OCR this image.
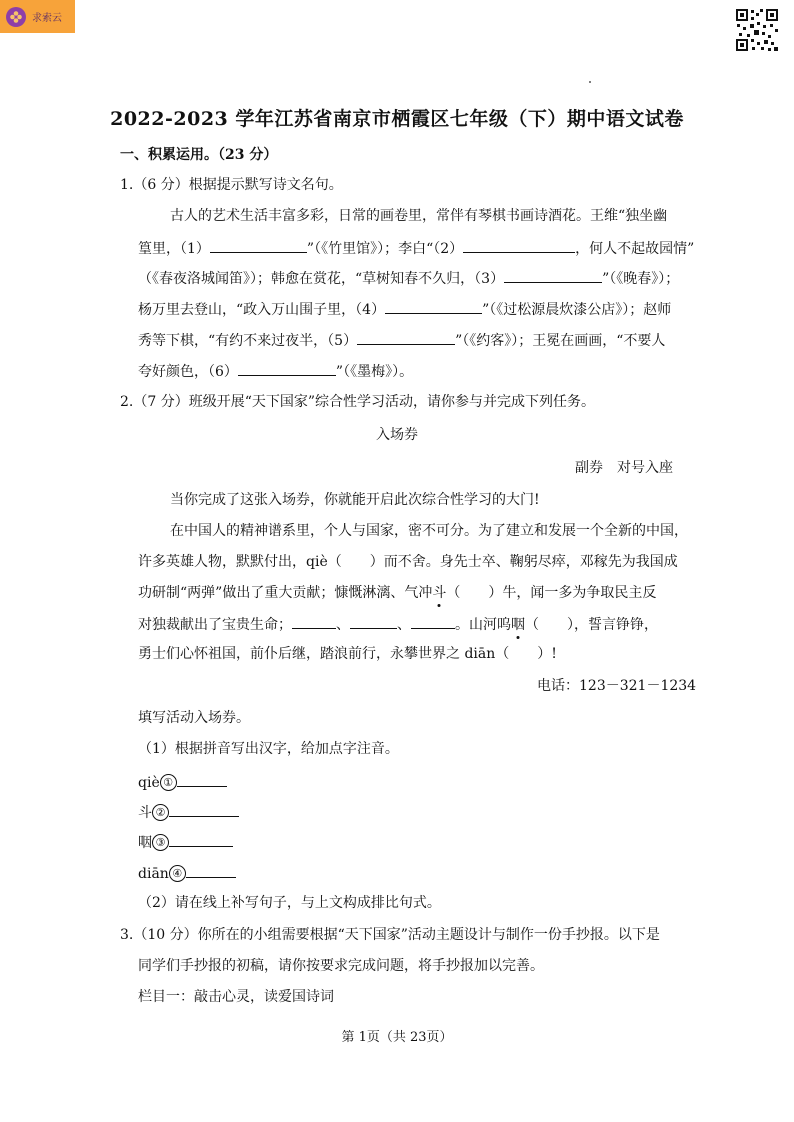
求索云
2022-2023 学年江苏省南京市栖霞区七年级（下）期中语文试卷
一、积累运用。（23 分）
1.（6 分）根据提示默写诗文名句。
古人的艺术生活丰富多彩，日常的画卷里，常伴有琴棋书画诗酒花。王维“独坐幽
篁里，（1）	”（《竹里馆》）；李白“（2）	，何人不起故园情”
（《春夜洛城闻笛》）；韩愈在赏花，“草树知春不久归，（3）	”（《晚春》）；
杨万里去登山，“政入万山围子里，（4）	”（《过松源晨炊漆公店》）；赵师
秀等下棋，“有约不来过夜半，（5）	”（《约客》）；王冕在画画，“不要人
夸好颜色，（6）	”（《墨梅》）。
2.（7 分）班级开展“天下国家”综合性学习活动，请你参与并完成下列任务。
入场券
副券　对号入座
当你完成了这张入场券，你就能开启此次综合性学习的大门!
在中国人的精神谱系里，个人与国家，密不可分。为了建立和发展一个全新的中国，
许多英雄人物，默默付出，qiè（　　）而不舍。身先士卒、鞠躬尽瘁，邓稼先为我国成
功研制“两弹”做出了重大贡献；慷慨淋漓、气冲斗（　　）牛，闻一多为争取民主反
对独裁献出了宝贵生命；	、	、	。山河呜咽（　　），誓言铮铮，
勇士们心怀祖国，前仆后继，踏浪前行，永攀世界之 diān（　　）!
电话：123－321－1234
填写活动入场券。
（1）根据拼音写出汉字，给加点字注音。
qiè ①
斗 ②
咽 ③
diān ④
（2）请在线上补写句子，与上文构成排比句式。
3.（10 分）你所在的小组需要根据“天下国家”活动主题设计与制作一份手抄报。以下是
同学们手抄报的初稿，请你按要求完成问题，将手抄报加以完善。
栏目一：敲击心灵，读爱国诗词
第 1页（共 23页）
